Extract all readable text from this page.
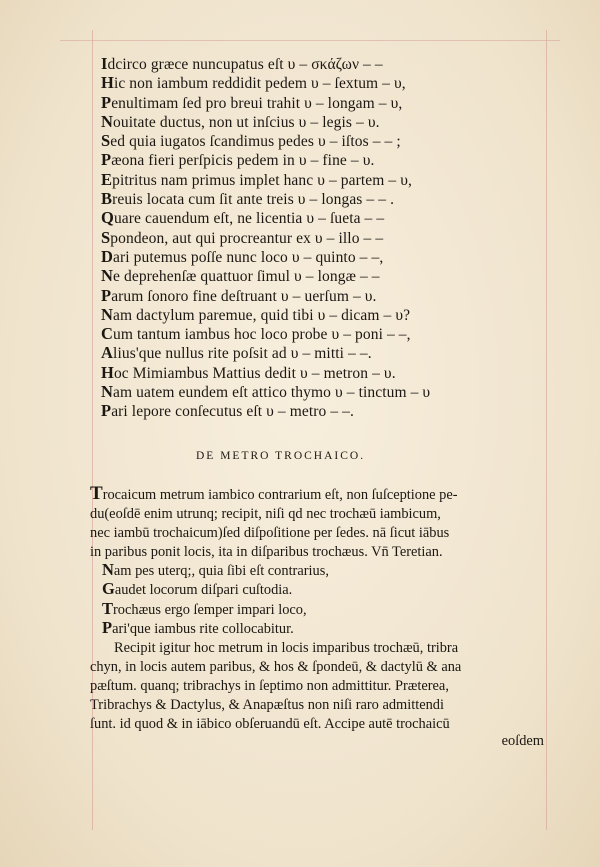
Idcirco græce nuncupatus eſt υ – σκάζων – –
Hic non iambum reddidit pedem υ – ſextum – υ,
Penultimam ſed pro breui trahit υ – longam – υ,
Nouitate ductus, non ut inſcius υ – legis – υ.
Sed quia iugatos ſcandimus pedes υ – iſtos – – ;
Pæona fieri perſpicis pedem in υ – fine – υ.
Epitritus nam primus implet hanc υ – partem – υ,
Breuis locata cum ſit ante treis υ – longas – – .
Quare cauendum eſt, ne licentia υ – ſueta – –
Spondeon, aut qui procreantur ex υ – illo – –
Dari putemus poſſe nunc loco υ – quinto – –,
Ne deprehenſæ quattuor ſimul υ – longæ – –
Parum ſonoro fine deſtruant υ – uerſum – υ.
Nam dactylum paremue, quid tibi υ – dicam – υ?
Cum tantum iambus hoc loco probe υ – poni – –,
Alius'que nullus rite poſsit ad υ – mitti – –.
Hoc Mimiambus Mattius dedit υ – metron – υ.
Nam uatem eundem eſt attico thymo υ – tinctum – υ
Pari lepore conſecutus eſt υ – metro – –.
DE METRO TROCHAICO.
Trocaicum metrum iambico contrarium eſt, non ſuſceptione pe-
du(eoſdē enim utrunq; recipit, niſi qd nec trochæū iambicum,
nec iambū trochaicum)ſed diſpoſitione per ſedes. nā ſicut iābus
in paribus ponit locis, ita in diſparibus trochæus. Vn̄ Teretian.
Nam pes uterq;, quia ſibi eſt contrarius,
Gaudet locorum diſpari cuſtodia.
Trochæus ergo ſemper impari loco,
Pari'que iambus rite collocabitur.
Recipit igitur hoc metrum in locis imparibus trochæū, tribra
chyn, in locis autem paribus, & hos & ſpondeū, & dactylū & ana
pæſtum. quanq; tribrachys in ſeptimo non admittitur. Præterea,
Tribrachys & Dactylus, & Anapæſtus non niſi raro admittendi
ſunt. id quod & in iābico obſeruandū eſt. Accipe autē trochaicū
eoſdem
